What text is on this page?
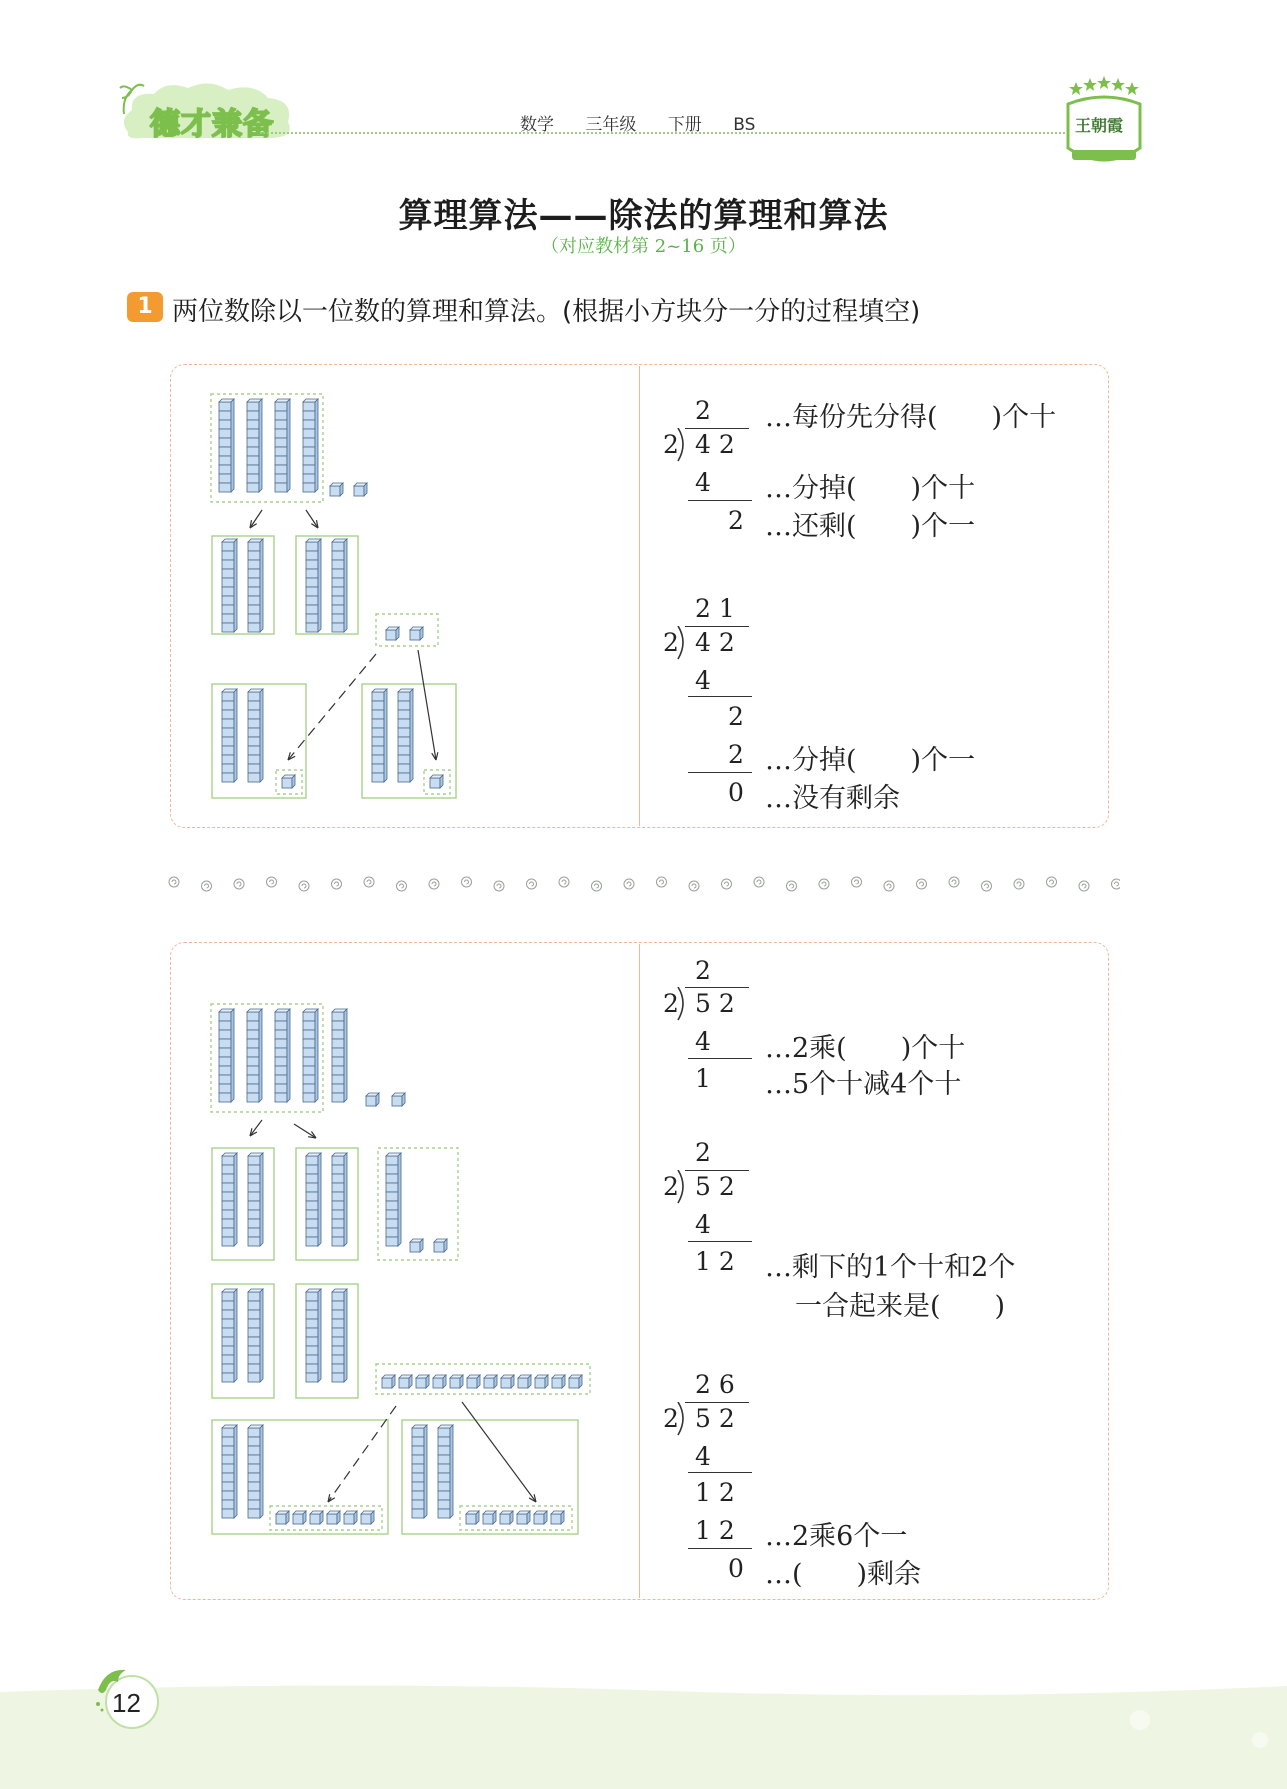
德才兼备	数学 三年级 下册 BS	王朝霞
算理算法——除法的算理和算法
（对应教材第 2~16 页）
1 两位数除以一位数的算理和算法。(根据小方块分一分的过程填空)
2
2 4 2
4
2
…每份先分得(　　)个十
…分掉(　　)个十
…还剩(　　)个一
2 1
2 4 2
4
2
2
0
…分掉(　　)个一
…没有剩余
2
2 5 2
4
1
…2乘(　　)个十
…5个十减4个十
2
2 5 2
4
1 2 …剩下的1个十和2个
一合起来是(　　)
2 6
2 5 2
4
1 2
1 2
0
…2乘6个一
…(　　)剩余
12
